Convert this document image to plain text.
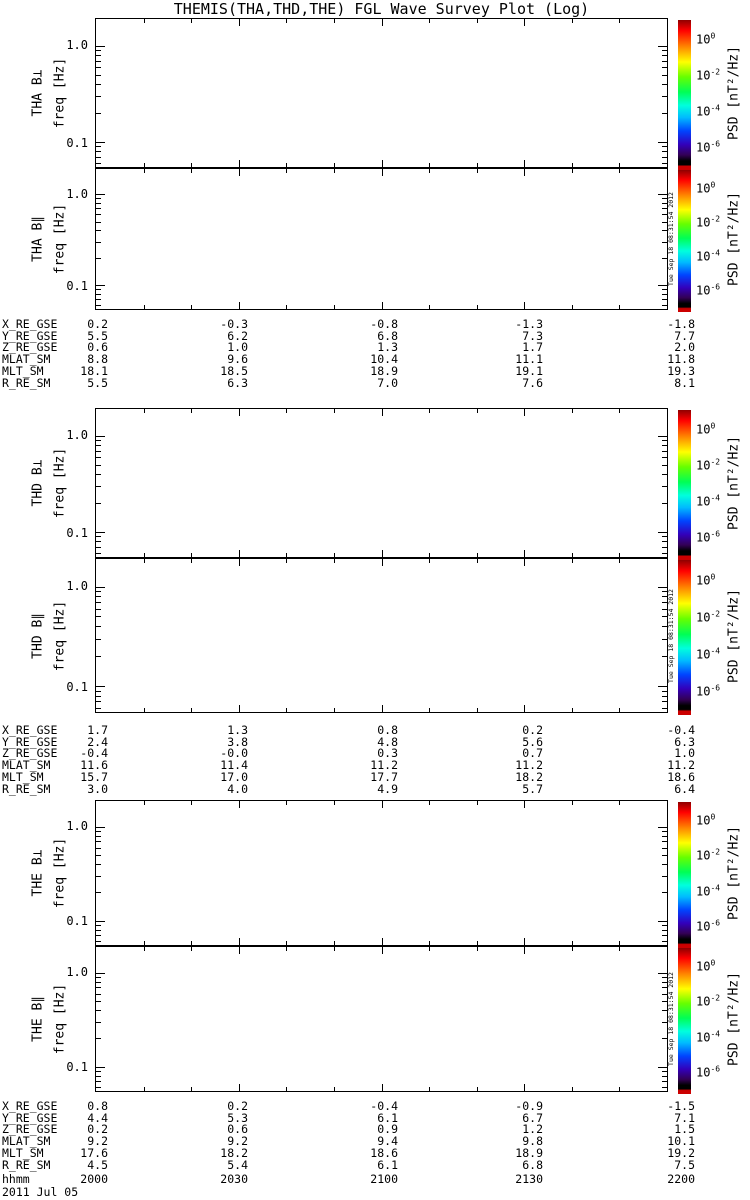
THEMIS(THA,THD,THE) FGL Wave Survey Plot (Log)
THA B⊥ freq [Hz]
1.0
0.1
$10^0$
$10^{-2}$
$10^{-4}$
$10^{-6}$
PSD [nT²/Hz]
THA B∥ freq [Hz]
1.0
0.1
$10^0$
$10^{-2}$
$10^{-4}$
$10^{-6}$
PSD [nT²/Hz]
Tue Sep 18 08:31:54 2012
X_RE_GSE	0.2	-0.3	-0.8	-1.3	-1.8
Y_RE_GSE	5.5	6.2	6.8	7.3	7.7
Z_RE_GSE	0.6	1.0	1.3	1.7	2.0
MLAT_SM	8.8	9.6	10.4	11.1	11.8
MLT_SM	18.1	18.5	18.9	19.1	19.3
R_RE_SM	5.5	6.3	7.0	7.6	8.1
THD B⊥ freq [Hz]
1.0
0.1
$10^0$
$10^{-2}$
$10^{-4}$
$10^{-6}$
PSD [nT²/Hz]
THD B∥ freq [Hz]
1.0
0.1
$10^0$
$10^{-2}$
$10^{-4}$
$10^{-6}$
PSD [nT²/Hz]
Tue Sep 18 08:31:54 2012
X_RE_GSE	1.7	1.3	0.8	0.2	-0.4
Y_RE_GSE	2.4	3.8	4.8	5.6	6.3
Z_RE_GSE	-0.4	-0.0	0.3	0.7	1.0
MLAT_SM	11.6	11.4	11.2	11.2	11.2
MLT_SM	15.7	17.0	17.7	18.2	18.6
R_RE_SM	3.0	4.0	4.9	5.7	6.4
THE B⊥ freq [Hz]
1.0
0.1
$10^0$
$10^{-2}$
$10^{-4}$
$10^{-6}$
PSD [nT²/Hz]
THE B∥ freq [Hz]
1.0
0.1
$10^0$
$10^{-2}$
$10^{-4}$
$10^{-6}$
PSD [nT²/Hz]
Tue Sep 18 08:31:54 2012
X_RE_GSE	0.8	0.2	-0.4	-0.9	-1.5
Y_RE_GSE	4.4	5.3	6.1	6.7	7.1
Z_RE_GSE	0.2	0.6	0.9	1.2	1.5
MLAT_SM	9.2	9.2	9.4	9.8	10.1
MLT_SM	17.6	18.2	18.6	18.9	19.2
R_RE_SM	4.5	5.4	6.1	6.8	7.5
hhmm	2000	2030	2100	2130	2200
2011 Jul 05
